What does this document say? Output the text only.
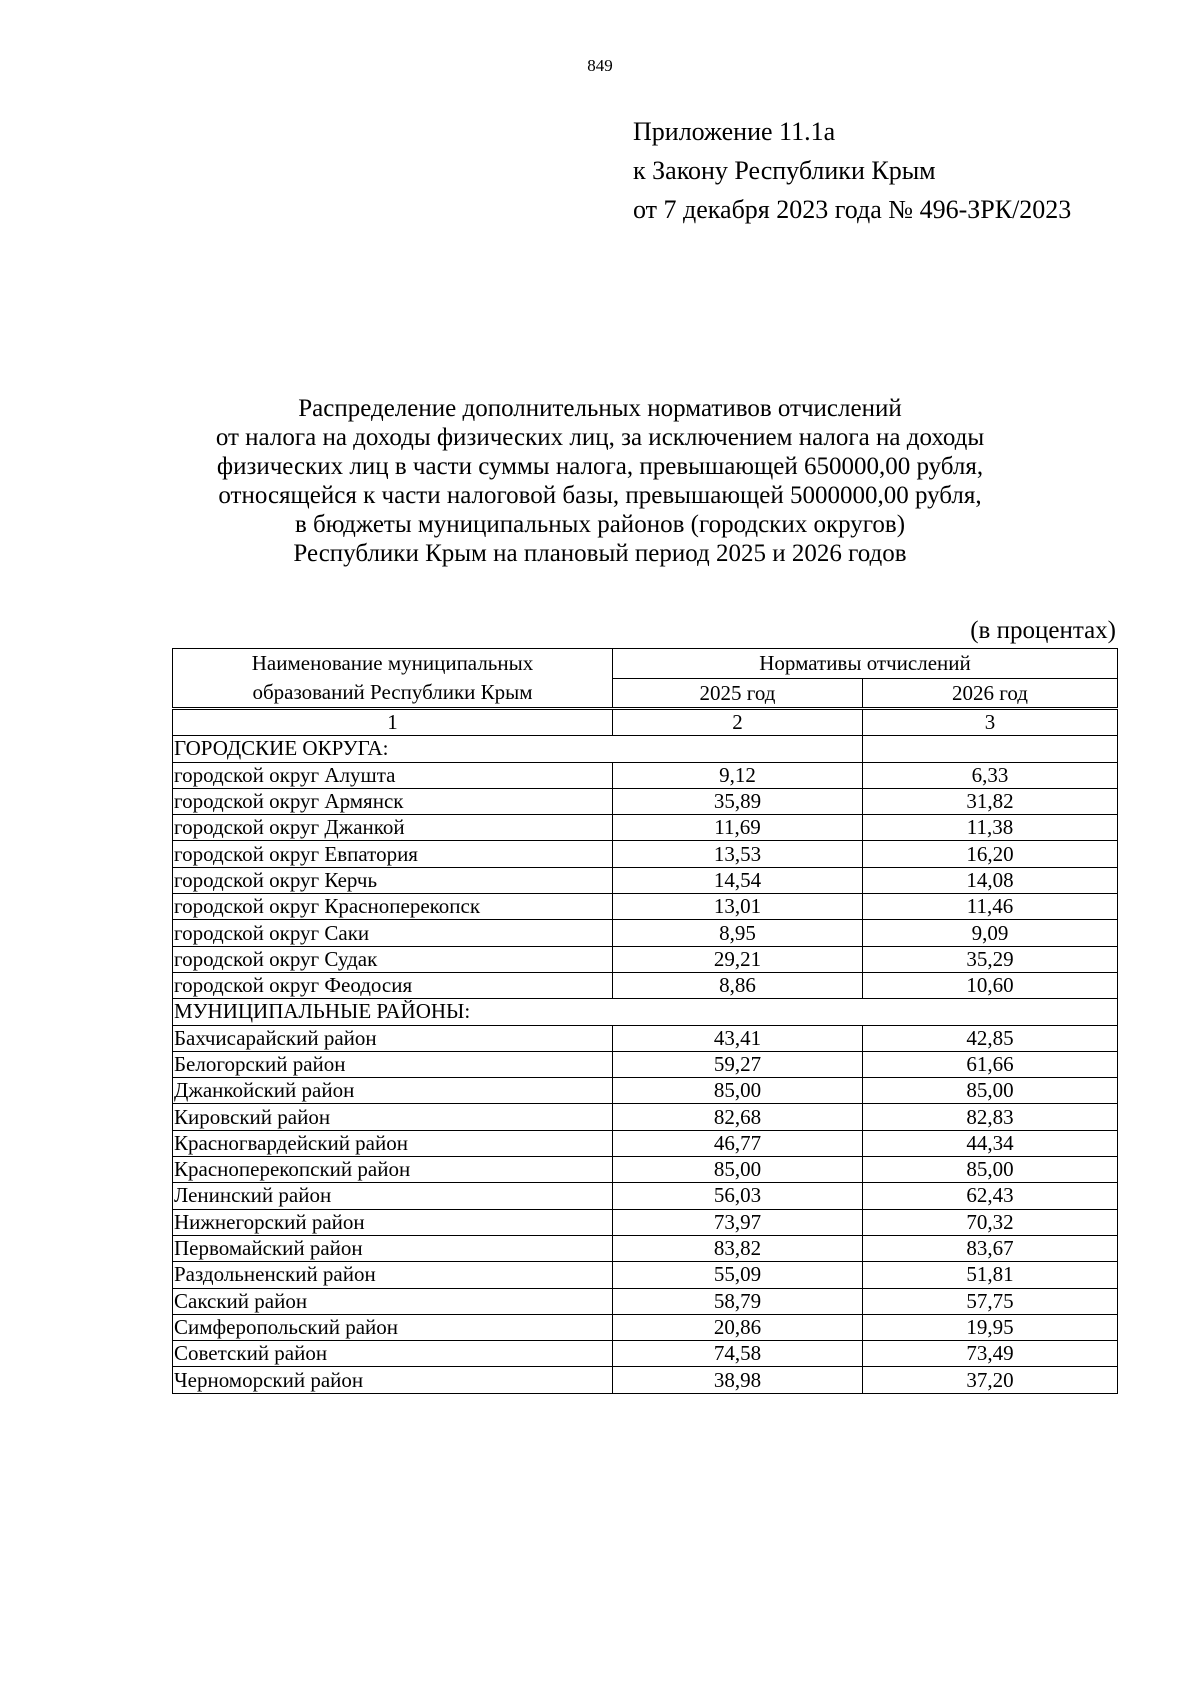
849
Приложение 11.1а
к Закону Республики Крым
от 7 декабря 2023 года № 496-ЗРК/2023
Распределение дополнительных нормативов отчислений
от налога на доходы физических лиц, за исключением налога на доходы
физических лиц в части суммы налога, превышающей 650000,00 рубля,
относящейся к части налоговой базы, превышающей 5000000,00 рубля,
в бюджеты муниципальных районов (городских округов)
Республики Крым на плановый период 2025 и 2026 годов
(в процентах)
Наименование муниципальных
образований Республики Крым	Нормативы отчислений	
	2025 год	2026 год
1	2	3
ГОРОДСКИЕ ОКРУГА:		
городской округ Алушта	9,12	6,33
городской округ Армянск	35,89	31,82
городской округ Джанкой	11,69	11,38
городской округ Евпатория	13,53	16,20
городской округ Керчь	14,54	14,08
городской округ Красноперекопск	13,01	11,46
городской округ Саки	8,95	9,09
городской округ Судак	29,21	35,29
городской округ Феодосия	8,86	10,60
МУНИЦИПАЛЬНЫЕ РАЙОНЫ:		
Бахчисарайский район	43,41	42,85
Белогорский район	59,27	61,66
Джанкойский район	85,00	85,00
Кировский район	82,68	82,83
Красногвардейский район	46,77	44,34
Красноперекопский район	85,00	85,00
Ленинский район	56,03	62,43
Нижнегорский район	73,97	70,32
Первомайский район	83,82	83,67
Раздольненский район	55,09	51,81
Сакский район	58,79	57,75
Симферопольский район	20,86	19,95
Советский район	74,58	73,49
Черноморский район	38,98	37,20
